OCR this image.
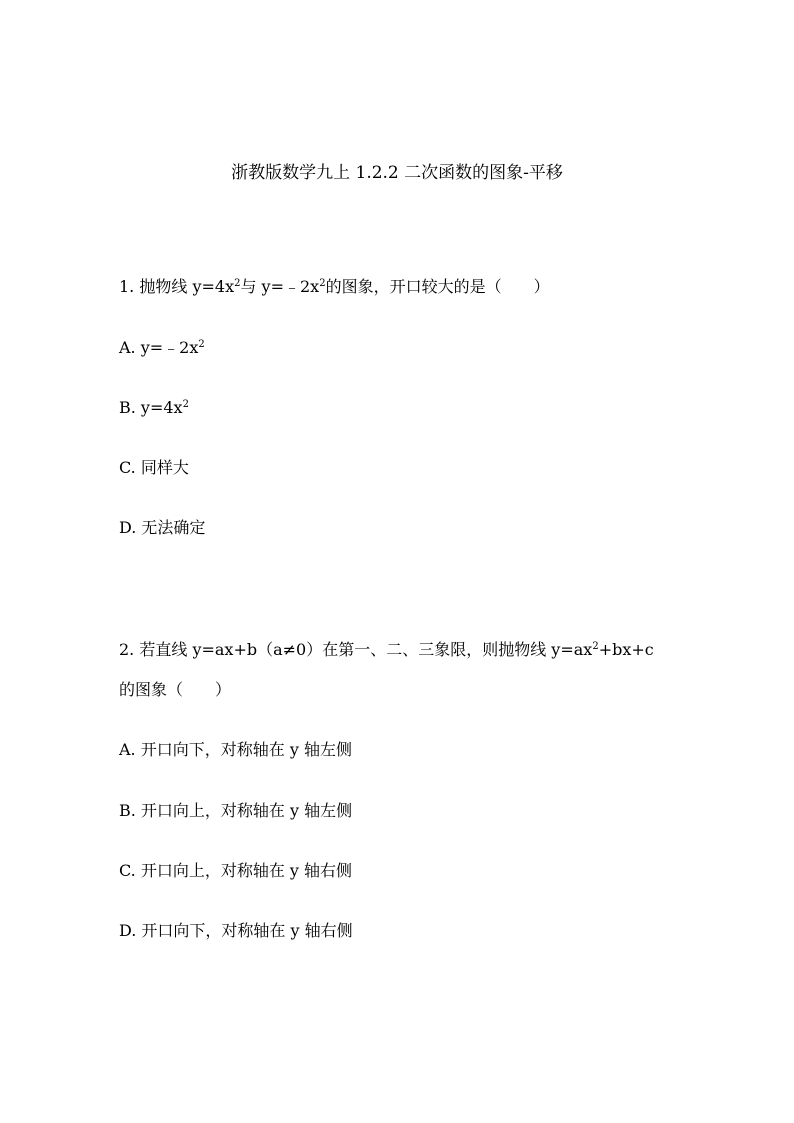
浙教版数学九上 1.2.2 二次函数的图象-平移
1. 抛物线 $y=4x^2$与 $y=﹣2x^2$的图象，开口较大的是（　　）
A. $y=﹣2x^2$
B. $y=4x^2$
C. 同样大
D. 无法确定
2. 若直线 y=ax+b（a≠0）在第一、二、三象限，则抛物线 $y=ax^2+bx+c$
的图象（　　）
A. 开口向下，对称轴在 y 轴左侧
B. 开口向上，对称轴在 y 轴左侧
C. 开口向上，对称轴在 y 轴右侧
D. 开口向下，对称轴在 y 轴右侧
